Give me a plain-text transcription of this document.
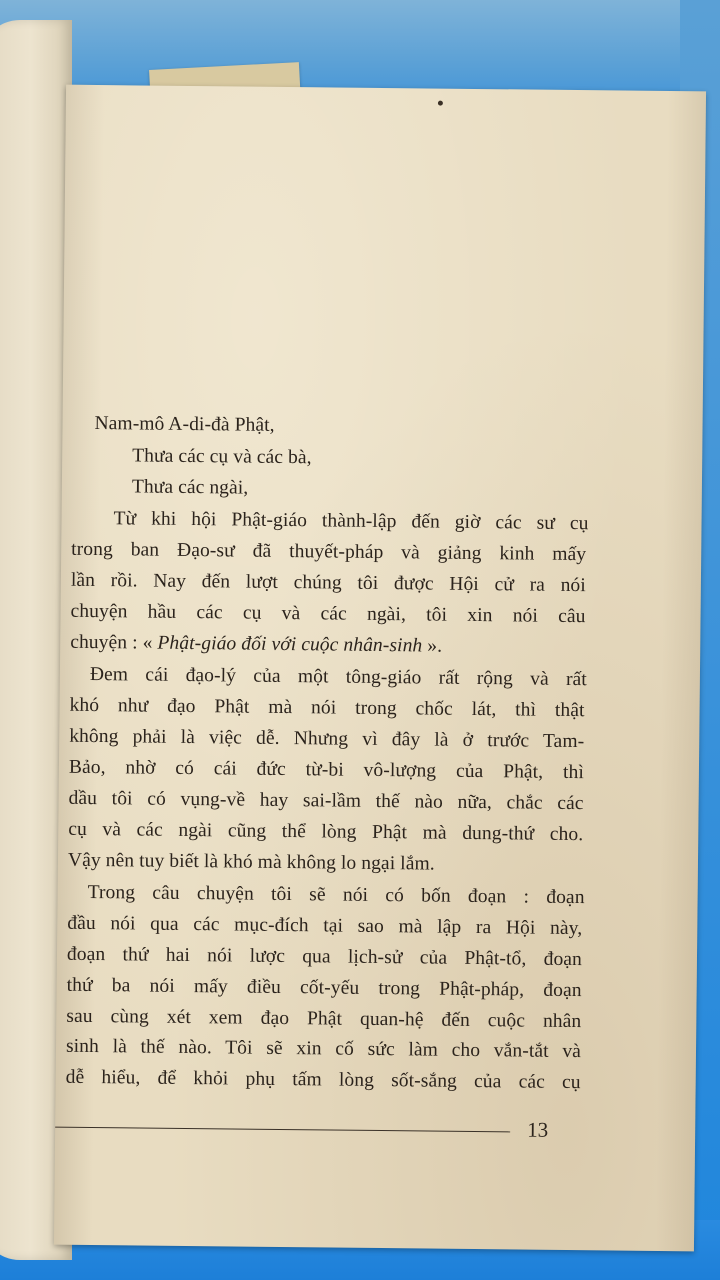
Nam-mô A-di-đà Phật,
Thưa các cụ và các bà,
Thưa các ngài,
Từ khi hội Phật-giáo thành-lập đến giờ các sư cụ
trong ban Đạo-sư đã thuyết-pháp và giảng kinh mấy
lần rồi. Nay đến lượt chúng tôi được Hội cử ra nói
chuyện hầu các cụ và các ngài, tôi xin nói câu
chuyện : « Phật-giáo đối với cuộc nhân-sinh ».
Đem cái đạo-lý của một tông-giáo rất rộng và rất
khó như đạo Phật mà nói trong chốc lát, thì thật
không phải là việc dễ. Nhưng vì đây là ở trước Tam-
Bảo, nhờ có cái đức từ-bi vô-lượng của Phật, thì
dầu tôi có vụng-về hay sai-lầm thế nào nữa, chắc các
cụ và các ngài cũng thể lòng Phật mà dung-thứ cho.
Vậy nên tuy biết là khó mà không lo ngại lắm.
Trong câu chuyện tôi sẽ nói có bốn đoạn : đoạn
đầu nói qua các mục-đích tại sao mà lập ra Hội này,
đoạn thứ hai nói lược qua lịch-sử của Phật-tổ, đoạn
thứ ba nói mấy điều cốt-yếu trong Phật-pháp, đoạn
sau cùng xét xem đạo Phật quan-hệ đến cuộc nhân
sinh là thế nào. Tôi sẽ xin cố sức làm cho vắn-tắt và
dễ hiểu, để khỏi phụ tấm lòng sốt-sắng của các cụ
13
